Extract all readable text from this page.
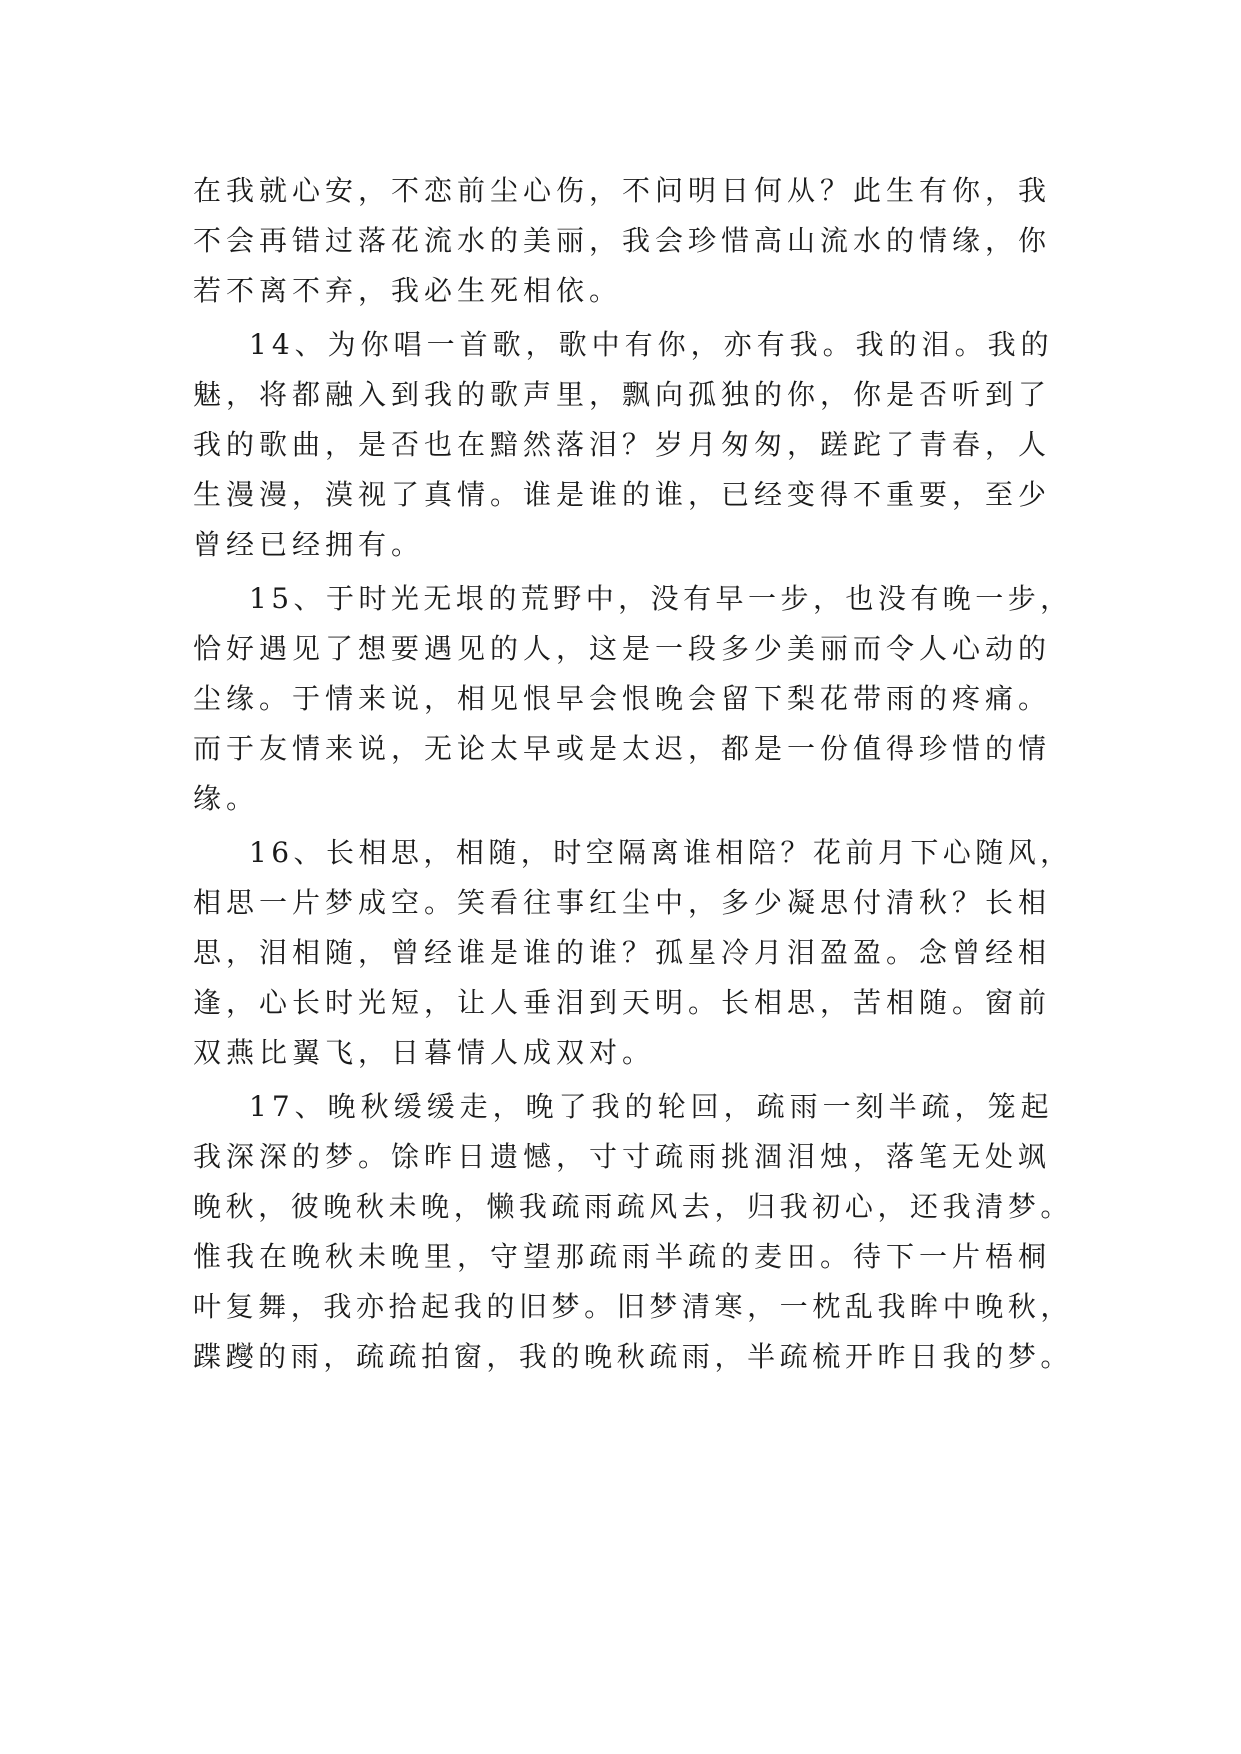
在我就心安，不恋前尘心伤，不问明日何从？此生有你，我
不会再错过落花流水的美丽，我会珍惜高山流水的情缘，你
若不离不弃，我必生死相依。
14、为你唱一首歌，歌中有你，亦有我。我的泪。我的
魅，将都融入到我的歌声里，飘向孤独的你，你是否听到了
我的歌曲，是否也在黯然落泪？岁月匆匆，蹉跎了青春，人
生漫漫，漠视了真情。谁是谁的谁，已经变得不重要，至少
曾经已经拥有。
15、于时光无垠的荒野中，没有早一步，也没有晚一步，
恰好遇见了想要遇见的人，这是一段多少美丽而令人心动的
尘缘。于情来说，相见恨早会恨晚会留下梨花带雨的疼痛。
而于友情来说，无论太早或是太迟，都是一份值得珍惜的情
缘。
16、长相思，相随，时空隔离谁相陪？花前月下心随风，
相思一片梦成空。笑看往事红尘中，多少凝思付清秋？长相
思，泪相随，曾经谁是谁的谁？孤星冷月泪盈盈。念曾经相
逢，心长时光短，让人垂泪到天明。长相思，苦相随。窗前
双燕比翼飞，日暮情人成双对。
17、晚秋缓缓走，晚了我的轮回，疏雨一刻半疏，笼起
我深深的梦。馀昨日遗憾，寸寸疏雨挑涸泪烛，落笔无处飒
晚秋，彼晚秋未晚，懒我疏雨疏风去，归我初心，还我清梦。
惟我在晚秋未晚里，守望那疏雨半疏的麦田。待下一片梧桐
叶复舞，我亦拾起我的旧梦。旧梦清寒，一枕乱我眸中晚秋，
蹀躞的雨，疏疏拍窗，我的晚秋疏雨，半疏梳开昨日我的梦。
